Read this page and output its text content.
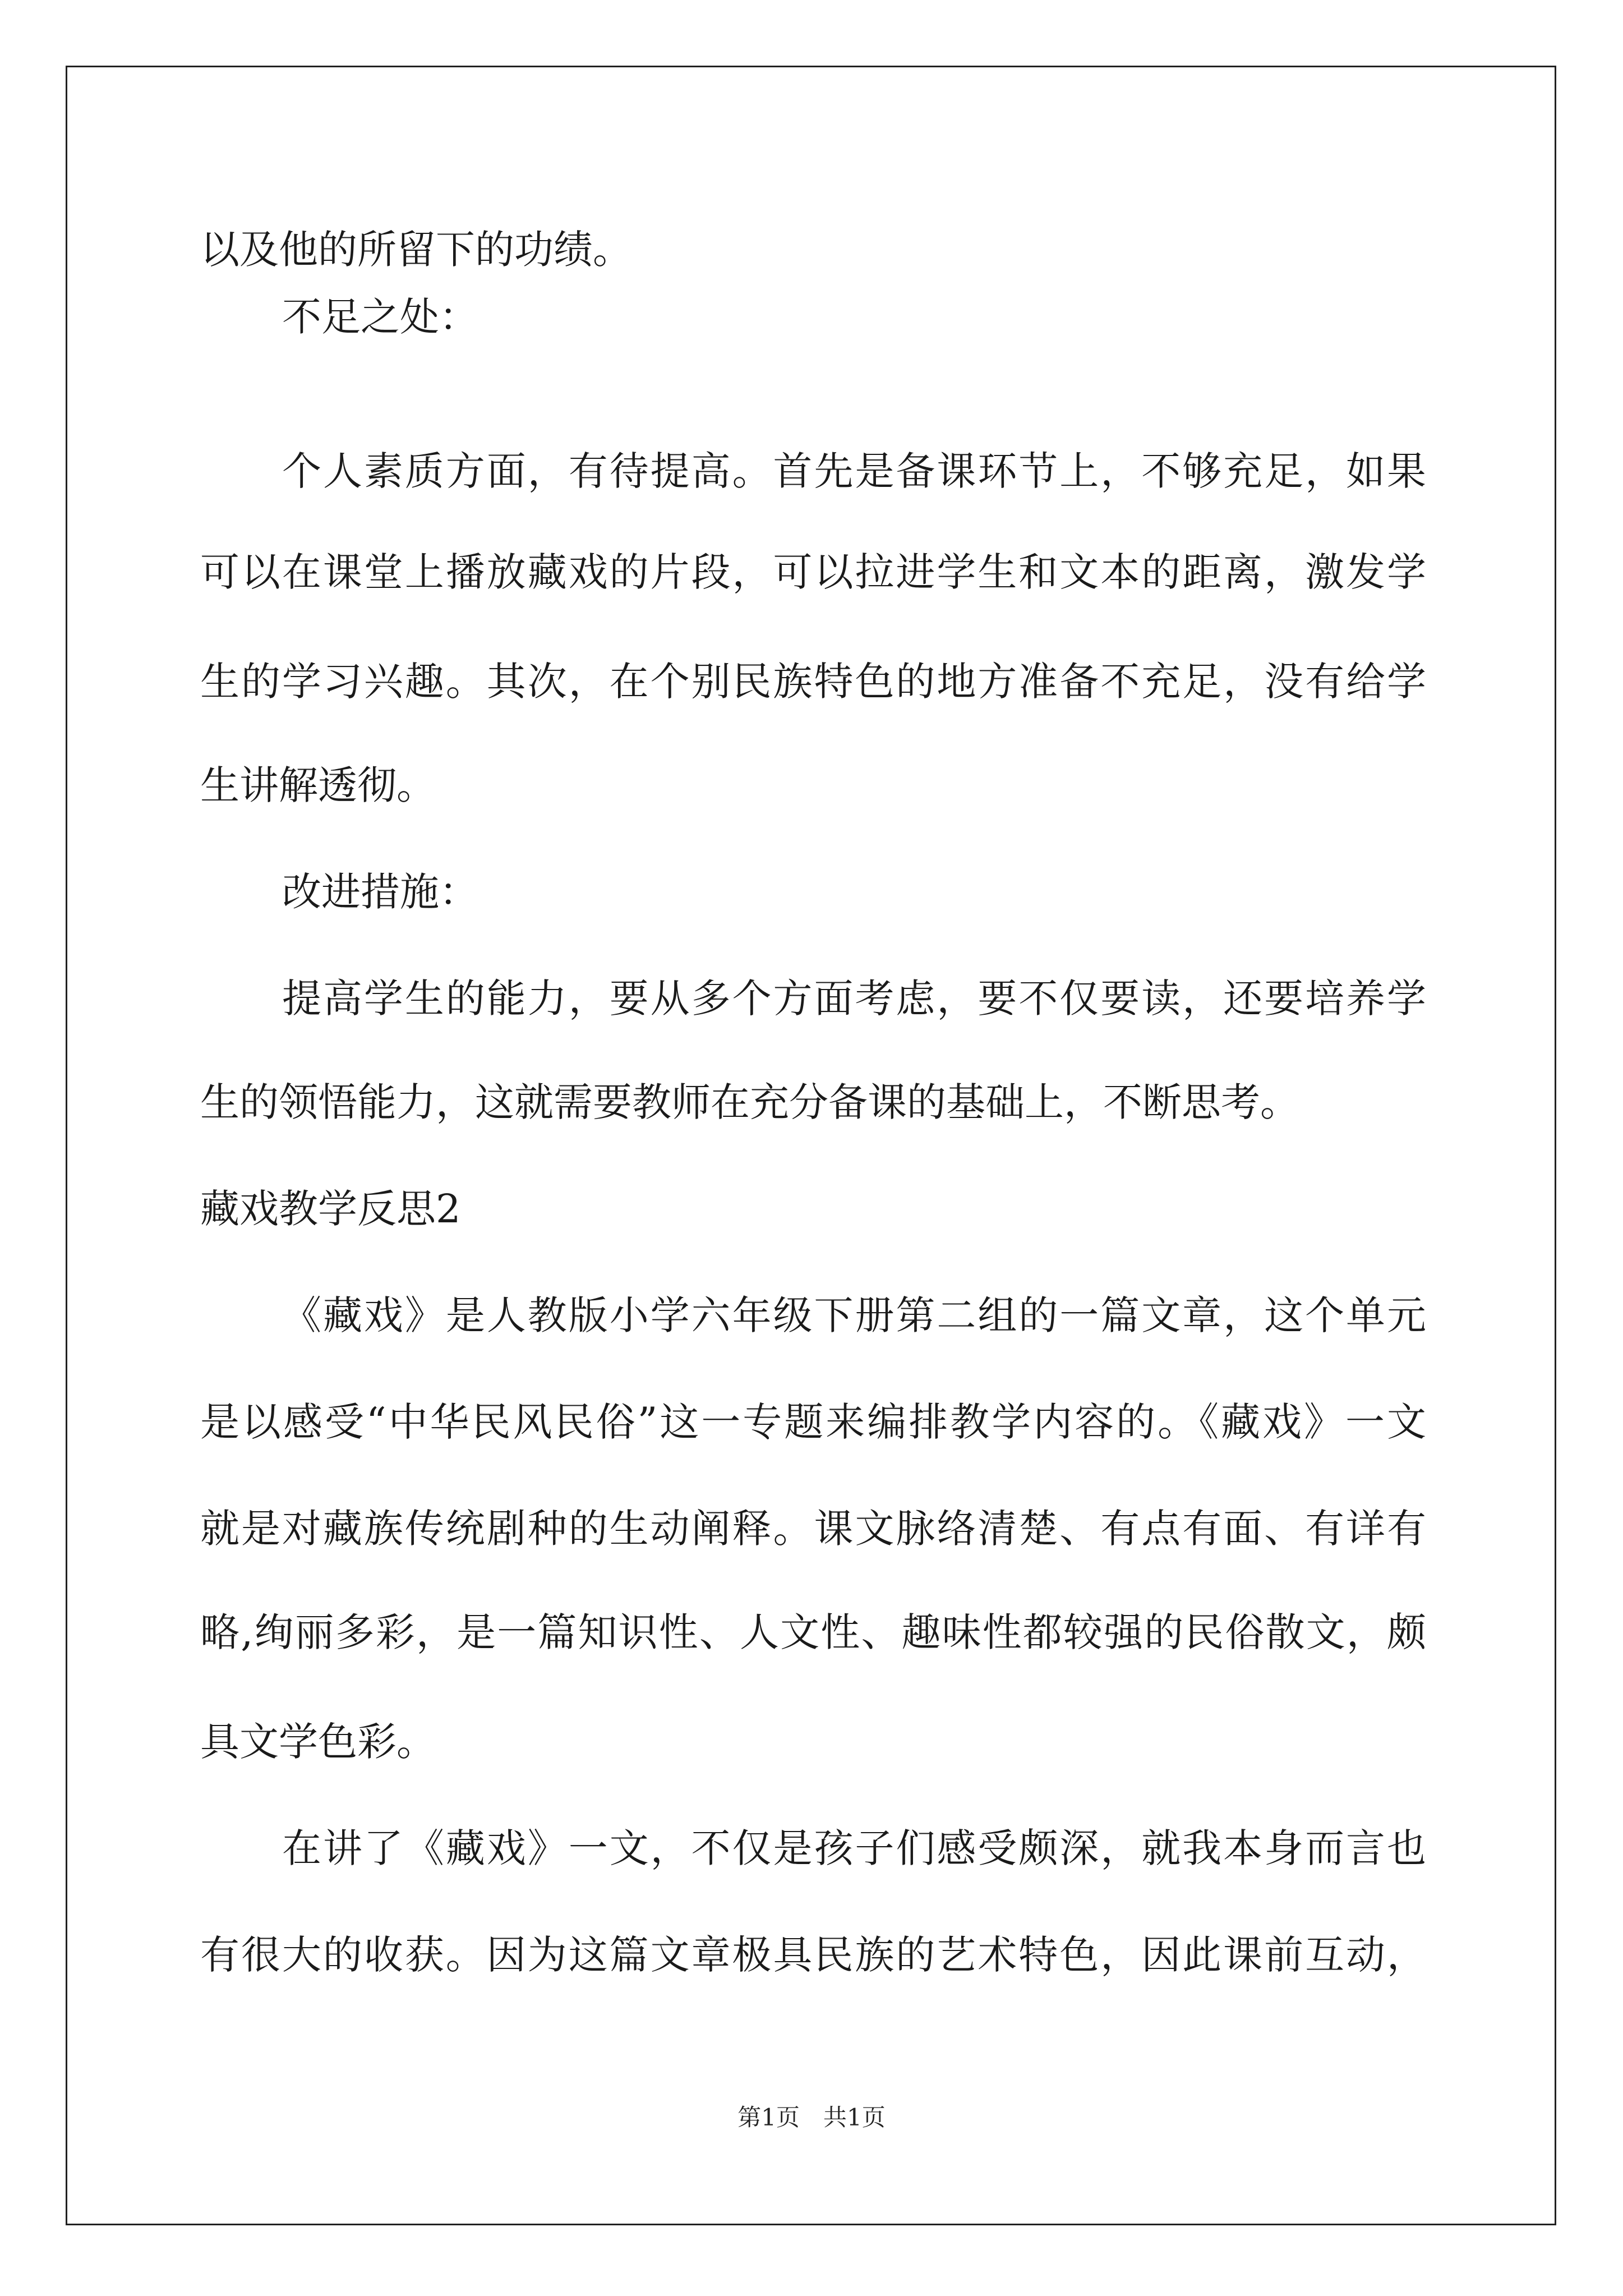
以及他的所留下的功绩。
不足之处：
个人素质方面，有待提高。首先是备课环节上，不够充足，如果
可以在课堂上播放藏戏的片段，可以拉进学生和文本的距离，激发学
生的学习兴趣。其次，在个别民族特色的地方准备不充足，没有给学
生讲解透彻。
改进措施：
提高学生的能力，要从多个方面考虑，要不仅要读，还要培养学
生的领悟能力，这就需要教师在充分备课的基础上，不断思考。
藏戏教学反思2
《藏戏》是人教版小学六年级下册第二组的一篇文章，这个单元
是以感受“中华民风民俗”这一专题来编排教学内容的。《藏戏》一文
就是对藏族传统剧种的生动阐释。课文脉络清楚、有点有面、有详有
略,绚丽多彩，是一篇知识性、人文性、趣味性都较强的民俗散文，颇
具文学色彩。
在讲了《藏戏》一文，不仅是孩子们感受颇深，就我本身而言也
有很大的收获。因为这篇文章极具民族的艺术特色，因此课前互动，
第1页　共1页
